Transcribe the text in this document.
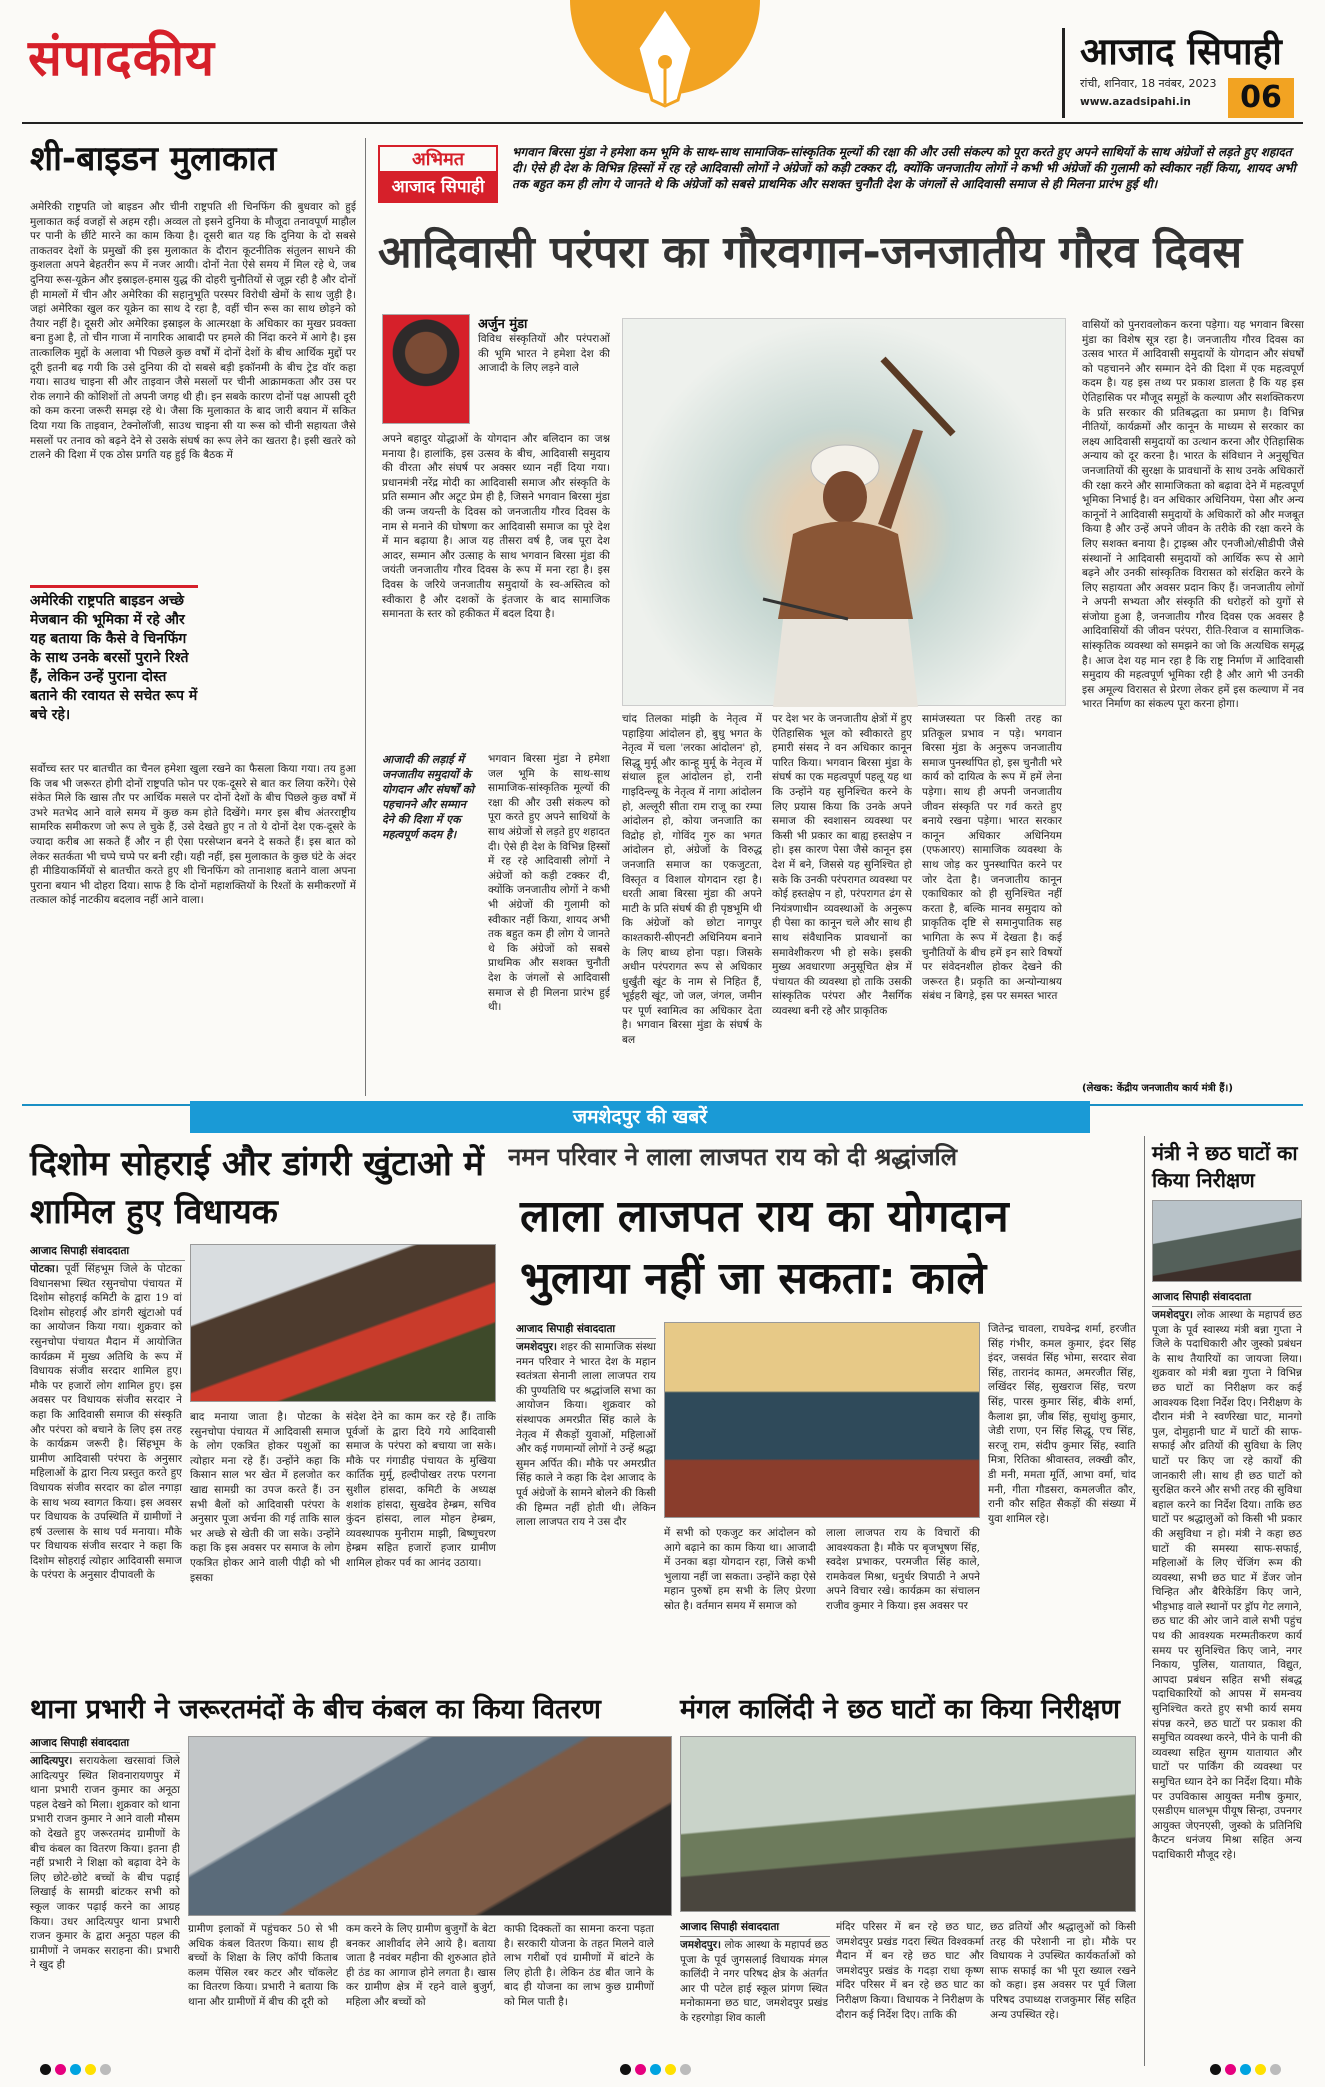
संपादकीय	आजाद सिपाही
रांची, शनिवार, 18 नवंबर, 2023
www.azadsipahi.in	06
शी-बाइडन मुलाकात

अमेरिकी राष्ट्रपति जो बाइडन और चीनी राष्ट्रपति शी चिनफिंग की बुधवार को हुई मुलाकात कई वजहों से अहम रही। अव्वल तो इसने दुनिया के मौजूदा तनावपूर्ण माहौल पर पानी के छींटे मारने का काम किया है। दूसरी बात यह कि दुनिया के दो सबसे ताकतवर देशों के प्रमुखों की इस मुलाकात के दौरान कूटनीतिक संतुलन साधने की कुशलता अपने बेहतरीन रूप में नजर आयी। दोनों नेता ऐसे समय में मिल रहे थे, जब दुनिया रूस-यूक्रेन और इस्राइल-हमास युद्ध की दोहरी चुनौतियों से जूझ रही है और दोनों ही मामलों में चीन और अमेरिका की सहानुभूति परस्पर विरोधी खेमों के साथ जुड़ी है। जहां अमेरिका खुल कर यूक्रेन का साथ दे रहा है, वहीं चीन रूस का साथ छोड़ने को तैयार नहीं है। दूसरी ओर अमेरिका इस्राइल के आत्मरक्षा के अधिकार का मुखर प्रवक्ता बना हुआ है, तो चीन गाजा में नागरिक आबादी पर हमले की निंदा करने में आगे है। इस तात्कालिक मुद्दों के अलावा भी पिछले कुछ वर्षों में दोनों देशों के बीच आर्थिक मुद्दों पर दूरी इतनी बढ़ गयी कि उसे दुनिया की दो सबसे बड़ी इकॉनमी के बीच ट्रेड वॉर कहा गया। साउथ चाइना सी और ताइवान जैसे मसलों पर चीनी आक्रामकता और उस पर रोक लगाने की कोशिशों तो अपनी जगह थी ही। इन सबके कारण दोनों पक्ष आपसी दूरी को कम करना जरूरी समझ रहे थे। जैसा कि मुलाकात के बाद जारी बयान में सकित दिया गया कि ताइवान, टेक्नोलॉजी, साउथ चाइना सी या रूस को चीनी सहायता जैसे मसलों पर तनाव को बढ़ने देने से उसके संघर्ष का रूप लेने का खतरा है। इसी खतरे को टालने की दिशा में एक ठोस प्रगति यह हुई कि बैठक में

अमेरिकी राष्ट्रपति बाइडन अच्छे मेजबान की भूमिका में रहे और यह बताया कि कैसे वे चिनफिंग के साथ उनके बरसों पुराने रिश्ते हैं, लेकिन उन्हें पुराना दोस्त बताने की रवायत से सचेत रूप में बचे रहे।

सर्वोच्च स्तर पर बातचीत का चैनल हमेशा खुला रखने का फैसला किया गया। तय हुआ कि जब भी जरूरत होगी दोनों राष्ट्रपति फोन पर एक-दूसरे से बात कर लिया करेंगे। ऐसे संकेत मिले कि खास तौर पर आर्थिक मसले पर दोनों देशों के बीच पिछले कुछ वर्षों में उभरे मतभेद आने वाले समय में कुछ कम होते दिखेंगे। मगर इस बीच अंतरराष्ट्रीय सामरिक समीकरण जो रूप ले चुके हैं, उसे देखते हुए न तो ये दोनों देश एक-दूसरे के ज्यादा करीब आ सकते हैं और न ही ऐसा परसेप्शन बनने दे सकते हैं। इस बात को लेकर सतर्कता भी चप्पे चप्पे पर बनी रही। यही नहीं, इस मुलाकात के कुछ घंटे के अंदर ही मीडियाकर्मियों से बातचीत करते हुए शी चिनफिंग को तानाशाह बताने वाला अपना पुराना बयान भी दोहरा दिया। साफ है कि दोनों महाशक्तियों के रिश्तों के समीकरणों में तत्काल कोई नाटकीय बदलाव नहीं आने वाला।

अभिमत
आजाद सिपाही
भगवान बिरसा मुंडा ने हमेशा कम भूमि के साथ-साथ सामाजिक-सांस्कृतिक मूल्यों की रक्षा की और उसी संकल्प को पूरा करते हुए अपने साथियों के साथ अंग्रेजों से लड़ते हुए शहादत दी। ऐसे ही देश के विभिन्न हिस्सों में रह रहे आदिवासी लोगों ने अंग्रेजों को कड़ी टक्कर दी, क्योंकि जनजातीय लोगों ने कभी भी अंग्रेजों की गुलामी को स्वीकार नहीं किया, शायद अभी तक बहुत कम ही लोग ये जानते थे कि अंग्रेजों को सबसे प्राथमिक और सशक्त चुनौती देश के जंगलों से आदिवासी समाज से ही मिलना प्रारंभ हुई थी।
आदिवासी परंपरा का गौरवगान-जनजातीय गौरव दिवस
अर्जुन मुंडा

विविध संस्कृतियों और परंपराओं की भूमि भारत ने हमेशा देश की आजादी के लिए लड़ने वाले

अपने बहादुर योद्धाओं के योगदान और बलिदान का जश्न मनाया है। हालांकि, इस उत्सव के बीच, आदिवासी समुदाय की वीरता और संघर्ष पर अक्सर ध्यान नहीं दिया गया। प्रधानमंत्री नरेंद्र मोदी का आदिवासी समाज और संस्कृति के प्रति सम्मान और अटूट प्रेम ही है, जिसने भगवान बिरसा मुंडा की जन्म जयन्ती के दिवस को जनजातीय गौरव दिवस के नाम से मनाने की घोषणा कर आदिवासी समाज का पूरे देश में मान बढ़ाया है। आज यह तीसरा वर्ष है, जब पूरा देश आदर, सम्मान और उत्साह के साथ भगवान बिरसा मुंडा की जयंती जनजातीय गौरव दिवस के रूप में मना रहा है। इस दिवस के जरिये जनजातीय समुदायों के स्व-अस्तित्व को स्वीकारा है और दशकों के इंतजार के बाद सामाजिक समानता के स्तर को हकीकत में बदल दिया है।

आजादी की लड़ाई में जनजातीय समुदायों के योगदान और संघर्षों को पहचानने और सम्मान देने की दिशा में एक महत्वपूर्ण कदम है।

भगवान बिरसा मुंडा ने हमेशा जल भूमि के साथ-साथ सामाजिक-सांस्कृतिक मूल्यों की रक्षा की और उसी संकल्प को पूरा करते हुए अपने साथियों के साथ अंग्रेजों से लड़ते हुए शहादत दी। ऐसे ही देश के विभिन्न हिस्सों में रह रहे आदिवासी लोगों ने अंग्रेजों को कड़ी टक्कर दी, क्योंकि जनजातीय लोगों ने कभी भी अंग्रेजों की गुलामी को स्वीकार नहीं किया, शायद अभी तक बहुत कम ही लोग ये जानते थे कि अंग्रेजों को सबसे प्राथमिक और सशक्त चुनौती देश के जंगलों से आदिवासी समाज से ही मिलना प्रारंभ हुई थी।

चांद तिलका मांझी के नेतृत्व में पहाड़िया आंदोलन हो, बुधु भगत के नेतृत्व में चला 'लरका आंदोलन' हो, सिद्धू मुर्मू और कान्हू मुर्मू के नेतृत्व में संथाल हूल आंदोलन हो, रानी गाइदिन्ल्यू के नेतृत्व में नागा आंदोलन हो, अल्लूरी सीता राम राजू का रम्पा आंदोलन हो, कोया जनजाति का विद्रोह हो, गोविंद गुरु का भगत आंदोलन हो, अंग्रेजों के विरुद्ध जनजाति समाज का एकजुटता, विस्तृत व विशाल योगदान रहा है। धरती आबा बिरसा मुंडा की अपने माटी के प्रति संघर्ष की ही पृष्ठभूमि थी कि अंग्रेजों को छोटा नागपुर काश्तकारी-सीएनटी अधिनियम बनाने के लिए बाध्य होना पड़ा। जिसके अधीन परंपरागत रूप से अधिकार धुर्खुंती खूंट के नाम से निहित हैं, भूईहरी खूंट, जो जल, जंगल, जमीन पर पूर्ण स्वामित्व का अधिकार देता है। भगवान बिरसा मुंडा के संघर्ष के बल

पर देश भर के जनजातीय क्षेत्रों में हुए ऐतिहासिक भूल को स्वीकारते हुए हमारी संसद ने वन अधिकार कानून पारित किया। भगवान बिरसा मुंडा के संघर्ष का एक महत्वपूर्ण पहलू यह था कि उन्होंने यह सुनिश्चित करने के लिए प्रयास किया कि उनके अपने समाज की स्वशासन व्यवस्था पर किसी भी प्रकार का बाह्य हस्तक्षेप न हो। इस कारण पेसा जैसे कानून इस देश में बने, जिससे यह सुनिश्चित हो सके कि उनकी परंपरागत व्यवस्था पर कोई हस्तक्षेप न हो, परंपरागत ढंग से नियंत्रणाधीन व्यवस्थाओं के अनुरूप ही पेसा का कानून चले और साथ ही साथ संवैधानिक प्रावधानों का समावेशीकरण भी हो सके। इसकी मुख्य अवधारणा अनुसूचित क्षेत्र में पंचायत की व्यवस्था हो ताकि उसकी सांस्कृतिक परंपरा और नैसर्गिक व्यवस्था बनी रहे और प्राकृतिक

सामंजस्यता पर किसी तरह का प्रतिकूल प्रभाव न पड़े। भगवान बिरसा मुंडा के अनुरूप जनजातीय समाज पुनर्स्थापित हो, इस चुनौती भरे कार्य को दायित्व के रूप में हमें लेना पड़ेगा। साथ ही अपनी जनजातीय जीवन संस्कृति पर गर्व करते हुए बनाये रखना पड़ेगा। भारत सरकार कानून अधिकार अधिनियम (एफआरए) सामाजिक व्यवस्था के साथ जोड़ कर पुनस्थापित करने पर जोर देता है। जनजातीय कानून एकाधिकार को ही सुनिश्चित नहीं करता है, बल्कि मानव समुदाय को प्राकृतिक दृष्टि से समानुपातिक सह भागिता के रूप में देखता है। कई चुनौतियों के बीच हमें इन सारे विषयों पर संवेदनशील होकर देखने की जरूरत है। प्रकृति का अन्योन्याश्रय संबंध न बिगड़े, इस पर समस्त भारत

वासियों को पुनरावलोकन करना पड़ेगा। यह भगवान बिरसा मुंडा का विशेष सूत्र रहा है। जनजातीय गौरव दिवस का उत्सव भारत में आदिवासी समुदायों के योगदान और संघर्षों को पहचानने और सम्मान देने की दिशा में एक महत्वपूर्ण कदम है। यह इस तथ्य पर प्रकाश डालता है कि यह इस ऐतिहासिक पर मौजूद समूहों के कल्याण और सशक्तिकरण के प्रति सरकार की प्रतिबद्धता का प्रमाण है। विभिन्न नीतियों, कार्यक्रमों और कानून के माध्यम से सरकार का लक्ष्य आदिवासी समुदायों का उत्थान करना और ऐतिहासिक अन्याय को दूर करना है। भारत के संविधान ने अनुसूचित जनजातियों की सुरक्षा के प्रावधानों के साथ उनके अधिकारों की रक्षा करने और सामाजिकता को बढ़ावा देने में महत्वपूर्ण भूमिका निभाई है। वन अधिकार अधिनियम, पेसा और अन्य कानूनों ने आदिवासी समुदायों के अधिकारों को और मजबूत किया है और उन्हें अपने जीवन के तरीके की रक्षा करने के लिए सशक्त बनाया है। ट्राइब्स और एनजीओ/सीडीपी जैसे संस्थानों ने आदिवासी समुदायों को आर्थिक रूप से आगे बढ़ने और उनकी सांस्कृतिक विरासत को संरक्षित करने के लिए सहायता और अवसर प्रदान किए हैं। जनजातीय लोगों ने अपनी सभ्यता और संस्कृति की धरोहरों को युगों से संजोया हुआ है, जनजातीय गौरव दिवस एक अवसर है आदिवासियों की जीवन परंपरा, रीति-रिवाज व सामाजिक-सांस्कृतिक व्यवस्था को समझने का जो कि अत्यधिक समृद्ध है। आज देश यह मान रहा है कि राष्ट्र निर्माण में आदिवासी समुदाय की महत्वपूर्ण भूमिका रही है और आगे भी उनकी इस अमूल्य विरासत से प्रेरणा लेकर हमें इस कल्याण में नव भारत निर्माण का संकल्प पूरा करना होगा।

(लेखक: केंद्रीय जनजातीय कार्य मंत्री हैं।)
जमशेदपुर की खबरें
दिशोम सोहराई और डांगरी खुंटाओ में शामिल हुए विधायक
आजाद सिपाही संवाददाता

पोटका। पूर्वी सिंहभूम जिले के पोटका विधानसभा स्थित रसुनचोपा पंचायत में दिशोम सोहराई कमिटी के द्वारा 19 वां दिशोम सोहराई और डांगरी खुंटाओ पर्व का आयोजन किया गया। शुक्रवार को रसुनचोपा पंचायत मैदान में आयोजित कार्यक्रम में मुख्य अतिथि के रूप में विधायक संजीव सरदार शामिल हुए। मौके पर हजारों लोग शामिल हुए। इस अवसर पर विधायक संजीव सरदार ने कहा कि आदिवासी समाज की संस्कृति और परंपरा को बचाने के लिए इस तरह के कार्यक्रम जरूरी है। सिंहभूम के ग्रामीण आदिवासी परंपरा के अनुसार महिलाओं के द्वारा नित्य प्रस्तुत करते हुए विधायक संजीव सरदार का ढोल नगाड़ा के साथ भव्य स्वागत किया। इस अवसर पर विधायक के उपस्थिति में ग्रामीणों ने हर्ष उल्लास के साथ पर्व मनाया। मौके पर विधायक संजीव सरदार ने कहा कि दिशोम सोहराई त्योहार आदिवासी समाज के परंपरा के अनुसार दीपावली के

बाद मनाया जाता है। पोटका के रसुनचोपा पंचायत में आदिवासी समाज के लोग एकत्रित होकर पशुओं का त्योहार मना रहे हैं। उन्होंने कहा कि किसान साल भर खेत में हलजोत कर खाद्य सामग्री का उपज करते हैं। उन सभी बैलों को आदिवासी परंपरा के अनुसार पूजा अर्चना की गई ताकि साल भर अच्छे से खेती की जा सके। उन्होंने कहा कि इस अवसर पर समाज के लोग एकत्रित होकर आने वाली पीढ़ी को भी इसका

संदेश देने का काम कर रहे हैं। ताकि पूर्वजों के द्वारा दिये गये आदिवासी समाज के परंपरा को बचाया जा सके। मौके पर गंगाडीह पंचायत के मुखिया कार्तिक मुर्मू, हल्दीपोखर तरफ परगना सुशील हांसदा, कमिटी के अध्यक्ष शशांक हांसदा, सुखदेव हेम्ब्रम, सचिव कुंदन हांसदा, लाल मोहन हेम्ब्रम, व्यवस्थापक मुनीराम माझी, बिष्णुचरण हेम्ब्रम सहित हजारों हजार ग्रामीण शामिल होकर पर्व का आनंद उठाया।

नमन परिवार ने लाला लाजपत राय को दी श्रद्धांजलि
लाला लाजपत राय का योगदान भुलाया नहीं जा सकता: काले
आजाद सिपाही संवाददाता

जमशेदपुर। शहर की सामाजिक संस्था नमन परिवार ने भारत देश के महान स्वतंत्रता सेनानी लाला लाजपत राय की पुण्यतिथि पर श्रद्धांजलि सभा का आयोजन किया। शुक्रवार को संस्थापक अमरप्रीत सिंह काले के नेतृत्व में सैकड़ों युवाओं, महिलाओं और कई गणमान्यों लोगों ने उन्हें श्रद्धा सुमन अर्पित की। मौके पर अमरप्रीत सिंह काले ने कहा कि देश आजाद के पूर्व अंग्रेजों के सामने बोलने की किसी की हिम्मत नहीं होती थी। लेकिन लाला लाजपत राय ने उस दौर

में सभी को एकजुट कर आंदोलन को आगे बढ़ाने का काम किया था। आजादी में उनका बड़ा योगदान रहा, जिसे कभी भुलाया नहीं जा सकता। उन्होंने कहा ऐसे महान पुरुषों हम सभी के लिए प्रेरणा स्रोत है। वर्तमान समय में समाज को

लाला लाजपत राय के विचारों की आवश्यकता है। मौके पर बृजभूषण सिंह, स्वदेश प्रभाकर, परमजीत सिंह काले, रामकेवल मिश्रा, धनुर्धर त्रिपाठी ने अपने अपने विचार रखे। कार्यक्रम का संचालन राजीव कुमार ने किया। इस अवसर पर

जितेन्द्र चावला, राघवेन्द्र शर्मा, हरजीत सिंह गंभीर, कमल कुमार, इंदर सिंह इंदर, जसवंत सिंह भोमा, सरदार सेवा सिंह, तारानंद कामत, अमरजीत सिंह, लखिंदर सिंह, सुखराज सिंह, चरण सिंह, पारस कुमार सिंह, बीके शर्मा, कैलाश झा, जीब सिंह, सुधांशु कुमार, जेडी राणा, एन सिंह सिद्धू, एच सिंह, सरजू राम, संदीप कुमार सिंह, स्वाति मित्रा, रितिका श्रीवास्तव, लक्खी कौर, डी मनी, ममता मूर्ति, आभा वर्मा, चांद मनी, गीता गौडसरा, कमलजीत कौर, रानी कौर सहित सैकड़ों की संख्या में युवा शामिल रहे।

मंत्री ने छठ घाटों का किया निरीक्षण
आजाद सिपाही संवाददाता

जमशेदपुर। लोक आस्था के महापर्व छठ पूजा के पूर्व स्वास्थ्य मंत्री बन्ना गुप्ता ने जिले के पदाधिकारी और जुस्को प्रबंधन के साथ तैयारियों का जायजा लिया। शुक्रवार को मंत्री बन्ना गुप्ता ने विभिन्न छठ घाटों का निरीक्षण कर कई आवश्यक दिशा निर्देश दिए। निरीक्षण के दौरान मंत्री ने स्वर्णरेखा घाट, मानगो पुल, दोमुहानी घाट में घाटों की साफ-सफाई और व्रतियों की सुविधा के लिए घाटों पर किए जा रहे कार्यों की जानकारी ली। साथ ही छठ घाटों को सुरक्षित करने और सभी तरह की सुविधा बहाल करने का निर्देश दिया। ताकि छठ घाटों पर श्रद्धालुओं को किसी भी प्रकार की असुविधा न हो। मंत्री ने कहा छठ घाटों की समस्या साफ-सफाई, महिलाओं के लिए चेंजिंग रूम की व्यवस्था, सभी छठ घाट में डेंजर जोन चिन्हित और बैरिकेडिंग किए जाने, भीड़भाड़ वाले स्थानों पर ड्रॉप गेट लगाने, छठ घाट की ओर जाने वाले सभी पहुंच पथ की आवश्यक मरम्मतीकरण कार्य समय पर सुनिश्चित किए जाने, नगर निकाय, पुलिस, यातायात, विद्युत, आपदा प्रबंधन सहित सभी संबद्ध पदाधिकारियों को आपस में समन्वय सुनिश्चित करते हुए सभी कार्य समय संपन्न करने, छठ घाटों पर प्रकाश की समुचित व्यवस्था करने, पीने के पानी की व्यवस्था सहित सुगम यातायात और घाटों पर पार्किंग की व्यवस्था पर समुचित ध्यान देने का निर्देश दिया। मौके पर उपविकास आयुक्त मनीष कुमार, एसडीएम धालभूम पीयूष सिन्हा, उपनगर आयुक्त जेएनएसी, जुस्को के प्रतिनिधि कैप्टन धनंजय मिश्रा सहित अन्य पदाधिकारी मौजूद रहे।

थाना प्रभारी ने जरूरतमंदों के बीच कंबल का किया वितरण
आजाद सिपाही संवाददाता

आदित्यपुर। सरायकेला खरसावां जिले आदित्यपुर स्थित शिवनारायणपुर में थाना प्रभारी राजन कुमार का अनूठा पहल देखने को मिला। शुक्रवार को थाना प्रभारी राजन कुमार ने आने वाली मौसम को देखते हुए जरूरतमंद ग्रामीणों के बीच कंबल का वितरण किया। इतना ही नहीं प्रभारी ने शिक्षा को बढ़ावा देने के लिए छोटे-छोटे बच्चों के बीच पढ़ाई लिखाई के सामग्री बांटकर सभी को स्कूल जाकर पढ़ाई करने का आग्रह किया। उधर आदित्यपुर थाना प्रभारी राजन कुमार के द्वारा अनूठा पहल की ग्रामीणों ने जमकर सराहना की। प्रभारी ने खुद ही

ग्रामीण इलाकों में पहुंचकर 50 से भी अधिक कंबल वितरण किया। साथ ही बच्चों के शिक्षा के लिए कॉपी किताब कलम पेंसिल रबर कटर और चॉकलेट का वितरण किया। प्रभारी ने बताया कि थाना और ग्रामीणों में बीच की दूरी को

कम करने के लिए ग्रामीण बुजुर्गों के बेटा बनकर आशीर्वाद लेने आये है। बताया जाता है नवंबर महीना की शुरुआत होते ही ठंड का आगाज होने लगता है। खास कर ग्रामीण क्षेत्र में रहने वाले बुजुर्ग, महिला और बच्चों को

काफी दिक्कतों का सामना करना पड़ता है। सरकारी योजना के तहत मिलने वाले लाभ गरीबों एवं ग्रामीणों में बांटने के लिए होती है। लेकिन ठंड बीत जाने के बाद ही योजना का लाभ कुछ ग्रामीणों को मिल पाती है।

मंगल कालिंदी ने छठ घाटों का किया निरीक्षण
आजाद सिपाही संवाददाता

जमशेदपुर। लोक आस्था के महापर्व छठ पूजा के पूर्व जुगसलाई विधायक मंगल कालिंदी ने नगर परिषद क्षेत्र के अंतर्गत आर पी पटेल हाई स्कूल प्रांगण स्थित मनोकामना छठ घाट, जमशेदपुर प्रखंड के रहरगोड़ा शिव काली

मंदिर परिसर में बन रहे छठ घाट, जमशेदपुर प्रखंड गदरा स्थित विश्वकर्मा मैदान में बन रहे छठ घाट और जमशेदपुर प्रखंड के गदड़ा राधा कृष्ण मंदिर परिसर में बन रहे छठ घाट का निरीक्षण किया। विधायक ने निरीक्षण के दौरान कई निर्देश दिए। ताकि की

छठ व्रतियों और श्रद्धालुओं को किसी तरह की परेशानी ना हो। मौके पर विधायक ने उपस्थित कार्यकर्ताओं को साफ सफाई का भी पूरा ख्याल रखने को कहा। इस अवसर पर पूर्व जिला परिषद उपाध्यक्ष राजकुमार सिंह सहित अन्य उपस्थित रहे।
